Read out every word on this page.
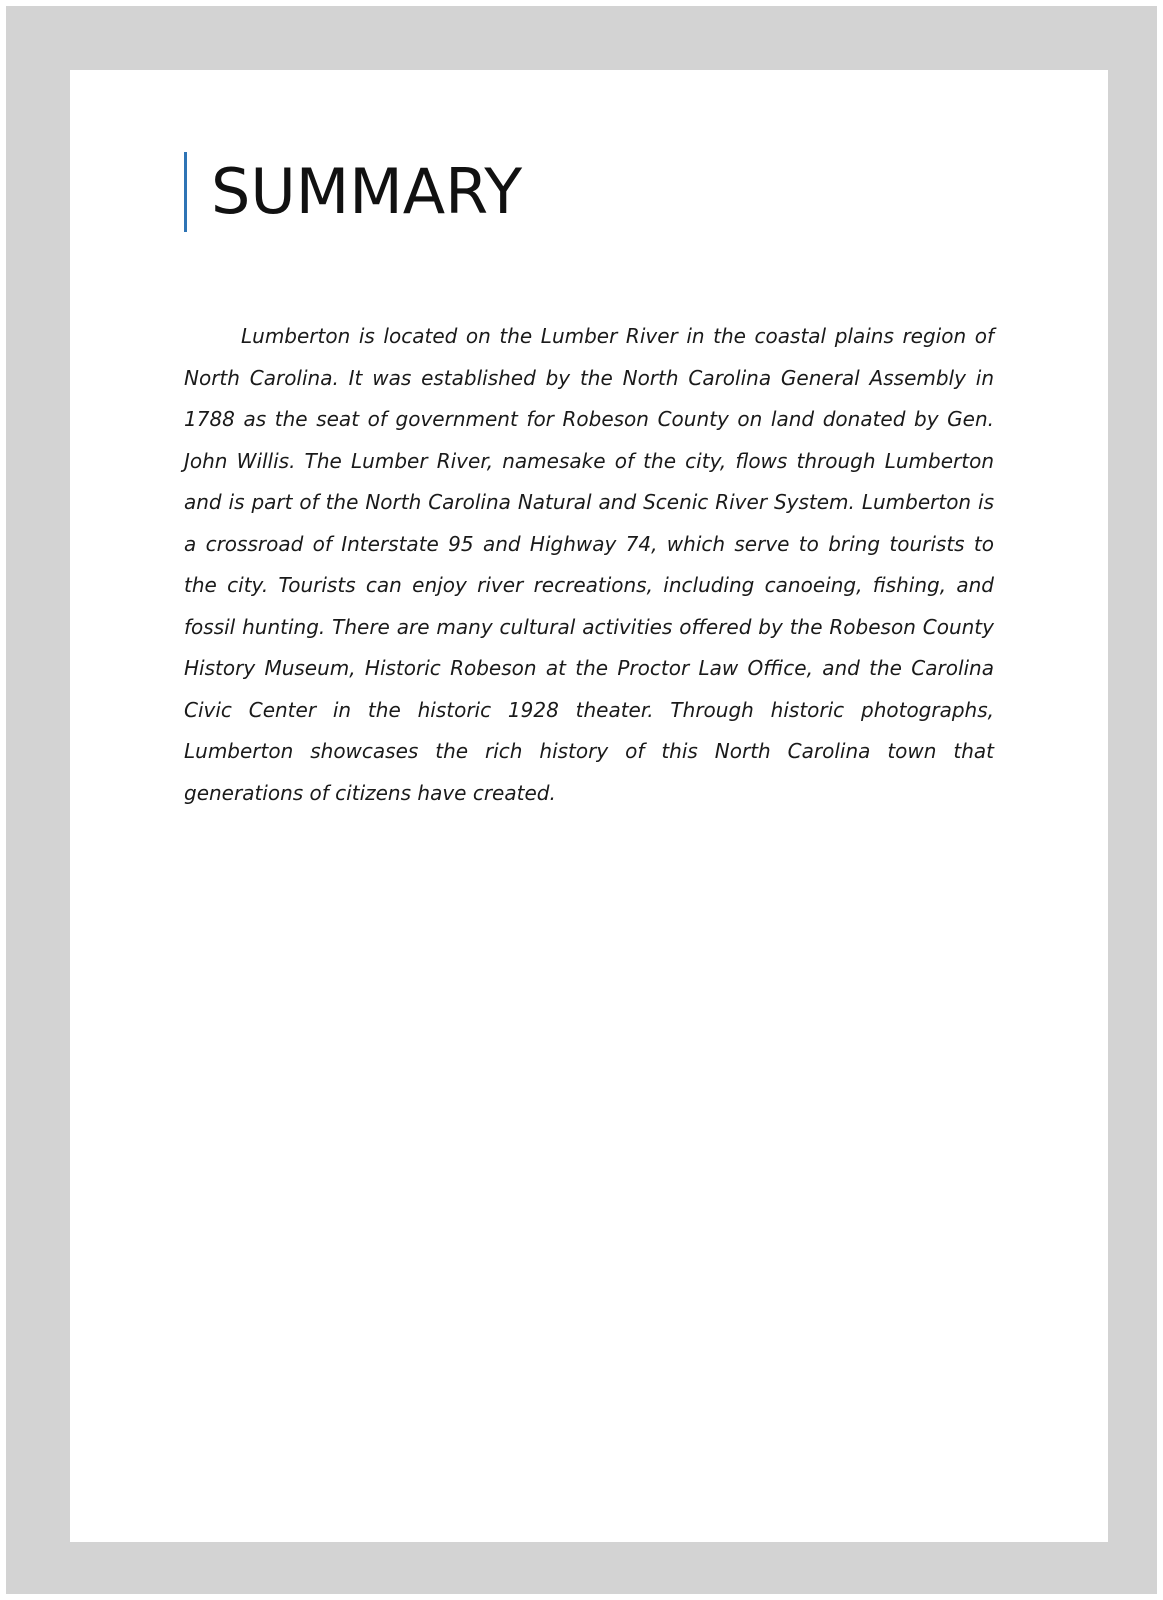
SUMMARY

Lumberton is located on the Lumber River in the coastal plains region of North Carolina. It was established by the North Carolina General Assembly in 1788 as the seat of government for Robeson County on land donated by Gen. John Willis. The Lumber River, namesake of the city, flows through Lumberton and is part of the North Carolina Natural and Scenic River System. Lumberton is a crossroad of Interstate 95 and Highway 74, which serve to bring tourists to the city. Tourists can enjoy river recreations, including canoeing, fishing, and fossil hunting. There are many cultural activities offered by the Robeson County History Museum, Historic Robeson at the Proctor Law Office, and the Carolina Civic Center in the historic 1928 theater. Through historic photographs, Lumberton showcases the rich history of this North Carolina town that generations of citizens have created.
